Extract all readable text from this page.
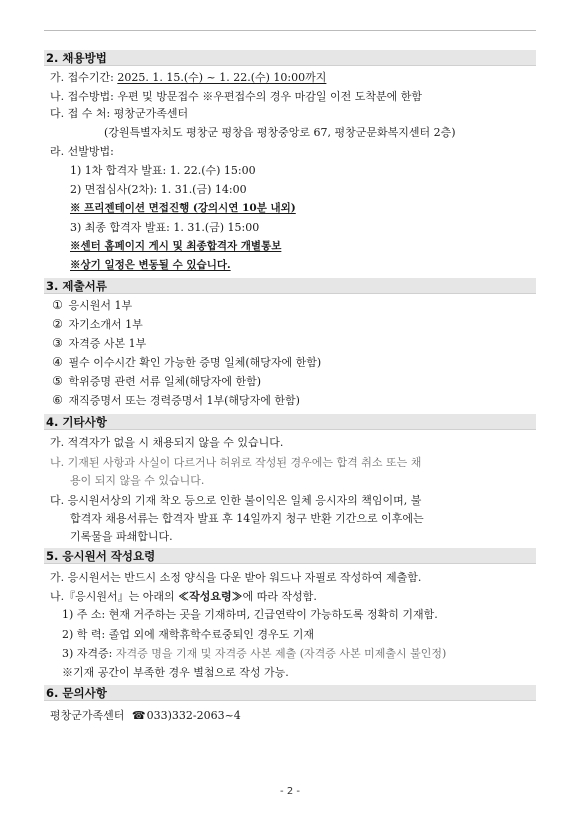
2. 채용방법
가. 접수기간: 2025. 1. 15.(수) ~ 1. 22.(수) 10:00까지
나. 접수방법: 우편 및 방문접수 ※우편접수의 경우 마감일 이전 도착분에 한함
다. 접 수 처: 평창군가족센터
(강원특별자치도 평창군 평창읍 평창중앙로 67, 평창군문화복지센터 2층)
라. 선발방법:
1) 1차 합격자 발표: 1. 22.(수) 15:00
2) 면접심사(2차): 1. 31.(금) 14:00
※ 프리젠테이션 면접진행 (강의시연 10분 내외)
3) 최종 합격자 발표: 1. 31.(금) 15:00
※센터 홈페이지 게시 및 최종합격자 개별통보
※상기 일정은 변동될 수 있습니다.
3. 제출서류
① 응시원서 1부
② 자기소개서 1부
③ 자격증 사본 1부
④ 필수 이수시간 확인 가능한 증명 일체(해당자에 한함)
⑤ 학위증명 관련 서류 일체(해당자에 한함)
⑥ 재직증명서 또는 경력증명서 1부(해당자에 한함)
4. 기타사항
가. 적격자가 없을 시 채용되지 않을 수 있습니다.
나. 기재된 사항과 사실이 다르거나 허위로 작성된 경우에는 합격 취소 또는 채
용이 되지 않을 수 있습니다.
다. 응시원서상의 기재 착오 등으로 인한 불이익은 일체 응시자의 책임이며, 불
합격자 채용서류는 합격자 발표 후 14일까지 청구 반환 기간으로 이후에는
기록물을 파쇄합니다.
5. 응시원서 작성요령
가. 응시원서는 반드시 소정 양식을 다운 받아 워드나 자필로 작성하여 제출함.
나.『응시원서』는 아래의 ≪작성요령≫에 따라 작성함.
1) 주 소: 현재 거주하는 곳을 기재하며, 긴급연락이 가능하도록 정확히 기재함.
2) 학 력: 졸업 외에 재학휴학수료중퇴인 경우도 기재
3) 자격증: 자격증 명을 기재 및 자격증 사본 제출 (자격증 사본 미제출시 불인정)
※기재 공간이 부족한 경우 별첨으로 작성 가능.
6. 문의사항
평창군가족센터 ☎033)332-2063~4
- 2 -
